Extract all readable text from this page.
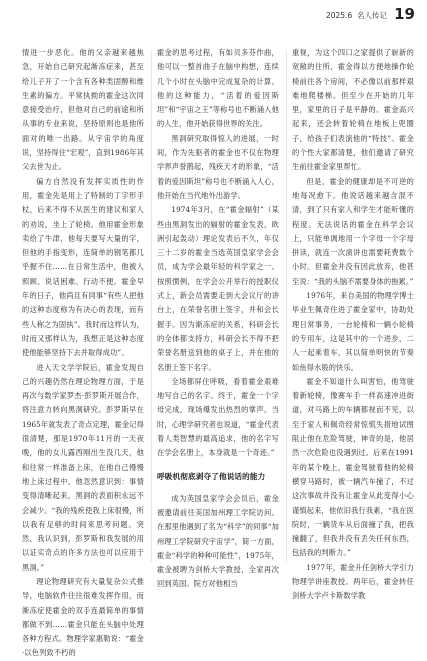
2025.6 名人传记 19

情进一步恶化。他的父亲越来越焦急，开始自己研究起渐冻症来，甚至给儿子开了一个含有各种类固醇和维生素的偏方。平常执拗的霍金这次同意接受治疗，但他对自己的前途和所从事的专业来说，坚持原则也是他所面对的唯一出路。从宇宙学的角度说，坚持得住“宏观”，直到1986年其父去世为止。

偏方自然没有发挥实质性的作用，霍金先是用上了特制的丁字形手杖，后来不得不从医生的建议和家人的劝说，坐上了轮椅。他用霍金形象卖给了牛津，他每天要写大量的字，但他的手指变形，连简单的钢笔都几乎握不住……在日常生活中，他被人照顾、说话困难、行动不便。霍金早年的日子，他尚且有同事“有些人把他的这种态度称为有决心的表现，而有些人称之为固执”。我时而这样认为，时而又那样认为，我想正是这种态度使他能够坚持下去并取得成功”。

进入天文学学院后，霍金发现自己的兴趣仍然在理论物理方面，于是再次与数学家罗杰·彭罗斯开展合作，将注意力转向黑洞研究。彭罗斯早在1965年就发表了奇点定理，霍金记得很清楚，那是1970年11月的一天夜晚，他的女儿露西刚出生没几天，他和往常一样准备上床，在他自己慢慢地上床过程中，他忽然意识到：事情变得清晰起来，黑洞的表面积永远不会减少。“我的残疾使我上床很慢，所以我有足够的时间来思考问题。突然，我认识到，彭罗斯和我发展的用以证实奇点的许多方法也可以应用于黑洞。”

理论物理研究有大量复杂公式推导，电脑软件往往很难发挥作用，而渐冻症使霍金的双手连最简单的事情都做不到……霍金只能在头脑中处理各种方程式。物理学家惠勒说：“霍金·以色列致不朽的

霍金的思考过程，有如贝多芬作曲，他可以一整首曲子在脑中构想，连续几个小时在头脑中完成复杂的计算。他的这种能力，“活着的爱因斯坦”和“宇宙之王”等称号也不断涌入他的人生，他开始获得世界的关注。

黑洞研究取得惊人的进展，一时间，作为先驱者的霍金也不仅在物理学界声誉鹊起，残疾天才的形象，“活着的爱因斯坦”称号也不断涌入人心，他开始在当代地外出游学。

1974年3月，在“霍金辐射”（某些由黑洞发出的辐射的霍金发表，欧洲引起轰动）理论发表后不久，年仅三十二岁的霍金当选英国皇家学会会员，成为学会最年轻的科学家之一。按照惯例，在学会公开举行的授职仪式上，新会员需要走到大会议厅的讲台上，在荣誉名册上签字，并和会长握手。因为渐冻症的关系，科研会长的全体都支持方，科研会长不得不把荣誉名册送到他的桌子上，并在他的名册上签下名字。

全场都屏住呼吸，看着霍金艰难地写自己的名字。终于，霍金一个字母完成，现场爆发出热烈的掌声。当时，心理学研究者也说道，“霍金代表着人类智慧的最高追求，他的名字写在学会名册上，本身就是一个奇迹。”

呼吸机彻底剥夺了他说话的能力

成为英国皇家学会会员后，霍金被邀请前往美国加州理工学院访问。在那里他遇到了名为“科学”的同事“加州理工学院研究宇宙学”，简一方面，霍金“科学的种种可能性”，1975年，霍金被聘为剑桥大学教授，全家再次回到英国。院方对他相当

重视，为这个四口之家提供了崭新的宽敞的住所，霍金得以方便地操作轮椅前往各个房间，不必像以前那样艰难地爬楼梯。但至少在开始的几年里，家里的日子是平静的。霍金高兴起来，还会转着轮椅在地板上兜圈子，给孩子们表演他的“特技”。霍金的个性大家都清楚，他们邀请了研究生前往霍金家里帮忙。

但是，霍金的健康却是不可逆的地每况愈下。他说话越来越含混不清，到了只有家人和学生才能听懂的程度。无法说话的霍金在科学会议上，只能单调地用一个字母一个字母拼读，就连一次演讲也需要耗费数个小时。但霍金并没有因此放弃，他甚至说：“我的头脑不需要身体的拖累。”

1976年，来自美国的物理学博士毕业生佩奇住进了霍金家中，协助处理日常事务，一台轮椅和一辆小轮椅的专用车，这是其中的一个进步，二人一起乘着车，其以简单明快的节奏如鱼得水般的快乐。

霍金不知道什么叫害怕，他驾驶着新轮椅，像赛车手一样高速冲进街道，对马路上的车辆都视而不见，以至于家人和佩奇经常惊慌失措地试图阻止他在危险驾驶，神奇的是，他居然一次危险也没遇到过。后来在1991年的某个晚上，霍金驾驶着他的轮椅横穿马路时，被一辆汽车撞了，不过这次事故并没有让霍金从此变得小心谨慎起来，他依旧我行我素，“我在医院时，一辆货车从后面撞了我，把我撞翻了，但我并没有丢失任何东西，包括我的判断力。”

1977年，霍金升任剑桥大学引力物理学讲座教授。两年后，霍金转任剑桥大学卢卡斯数学教
